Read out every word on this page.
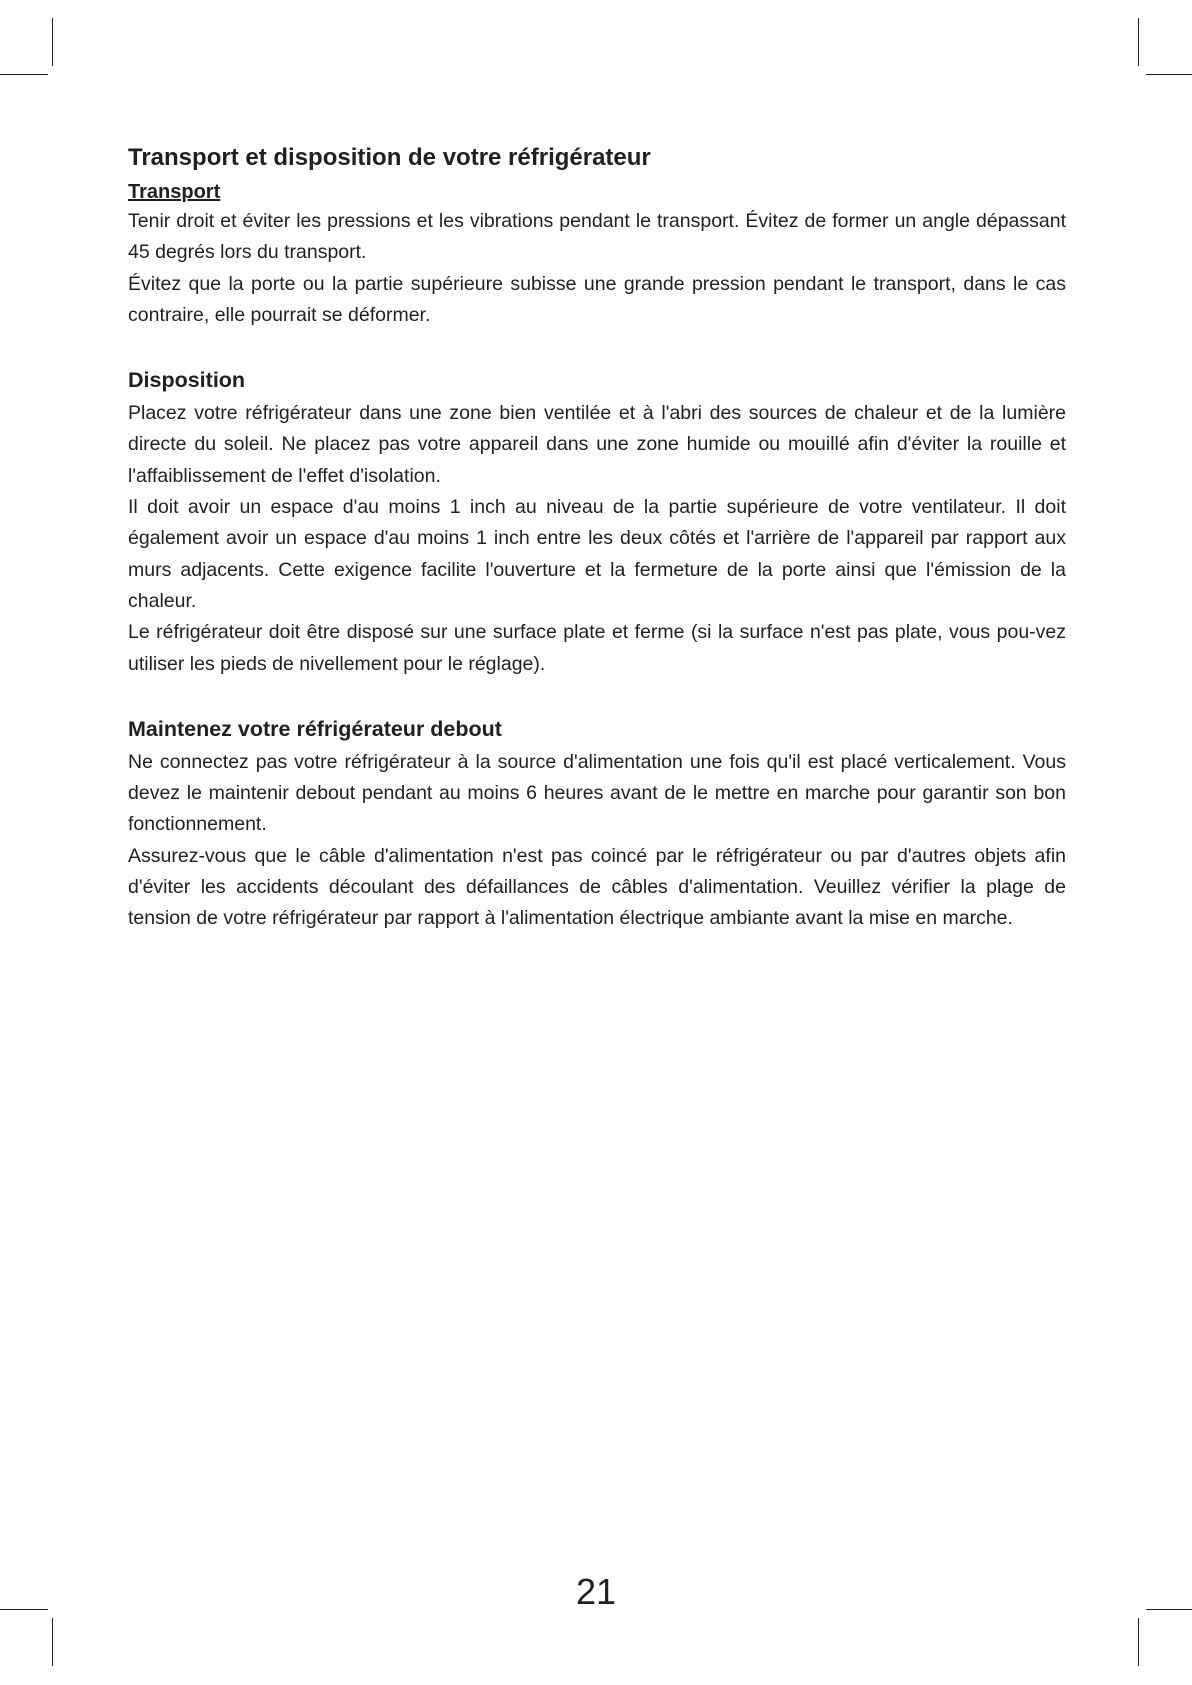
Transport et disposition de votre réfrigérateur
Transport

Tenir droit et éviter les pressions et les vibrations pendant le transport. Évitez de former un angle dépassant 45 degrés lors du transport.

Évitez que la porte ou la partie supérieure subisse une grande pression pendant le transport, dans le cas contraire, elle pourrait se déformer.

Disposition

Placez votre réfrigérateur dans une zone bien ventilée et à l'abri des sources de chaleur et de la lumière directe du soleil. Ne placez pas votre appareil dans une zone humide ou mouillé afin d'éviter la rouille et l'affaiblissement de l'effet d'isolation.

Il doit avoir un espace d'au moins 1 inch au niveau de la partie supérieure de votre ventilateur. Il doit également avoir un espace d'au moins 1 inch entre les deux côtés et l'arrière de l'appareil par rapport aux murs adjacents. Cette exigence facilite l'ouverture et la fermeture de la porte ainsi que l'émission de la chaleur.

Le réfrigérateur doit être disposé sur une surface plate et ferme (si la surface n'est pas plate, vous pou-vez utiliser les pieds de nivellement pour le réglage).

Maintenez votre réfrigérateur debout

Ne connectez pas votre réfrigérateur à la source d'alimentation une fois qu'il est placé verticalement. Vous devez le maintenir debout pendant au moins 6 heures avant de le mettre en marche pour garantir son bon fonctionnement.

Assurez-vous que le câble d'alimentation n'est pas coincé par le réfrigérateur ou par d'autres objets afin d'éviter les accidents découlant des défaillances de câbles d'alimentation. Veuillez vérifier la plage de tension de votre réfrigérateur par rapport à l'alimentation électrique ambiante avant la mise en marche.

21
